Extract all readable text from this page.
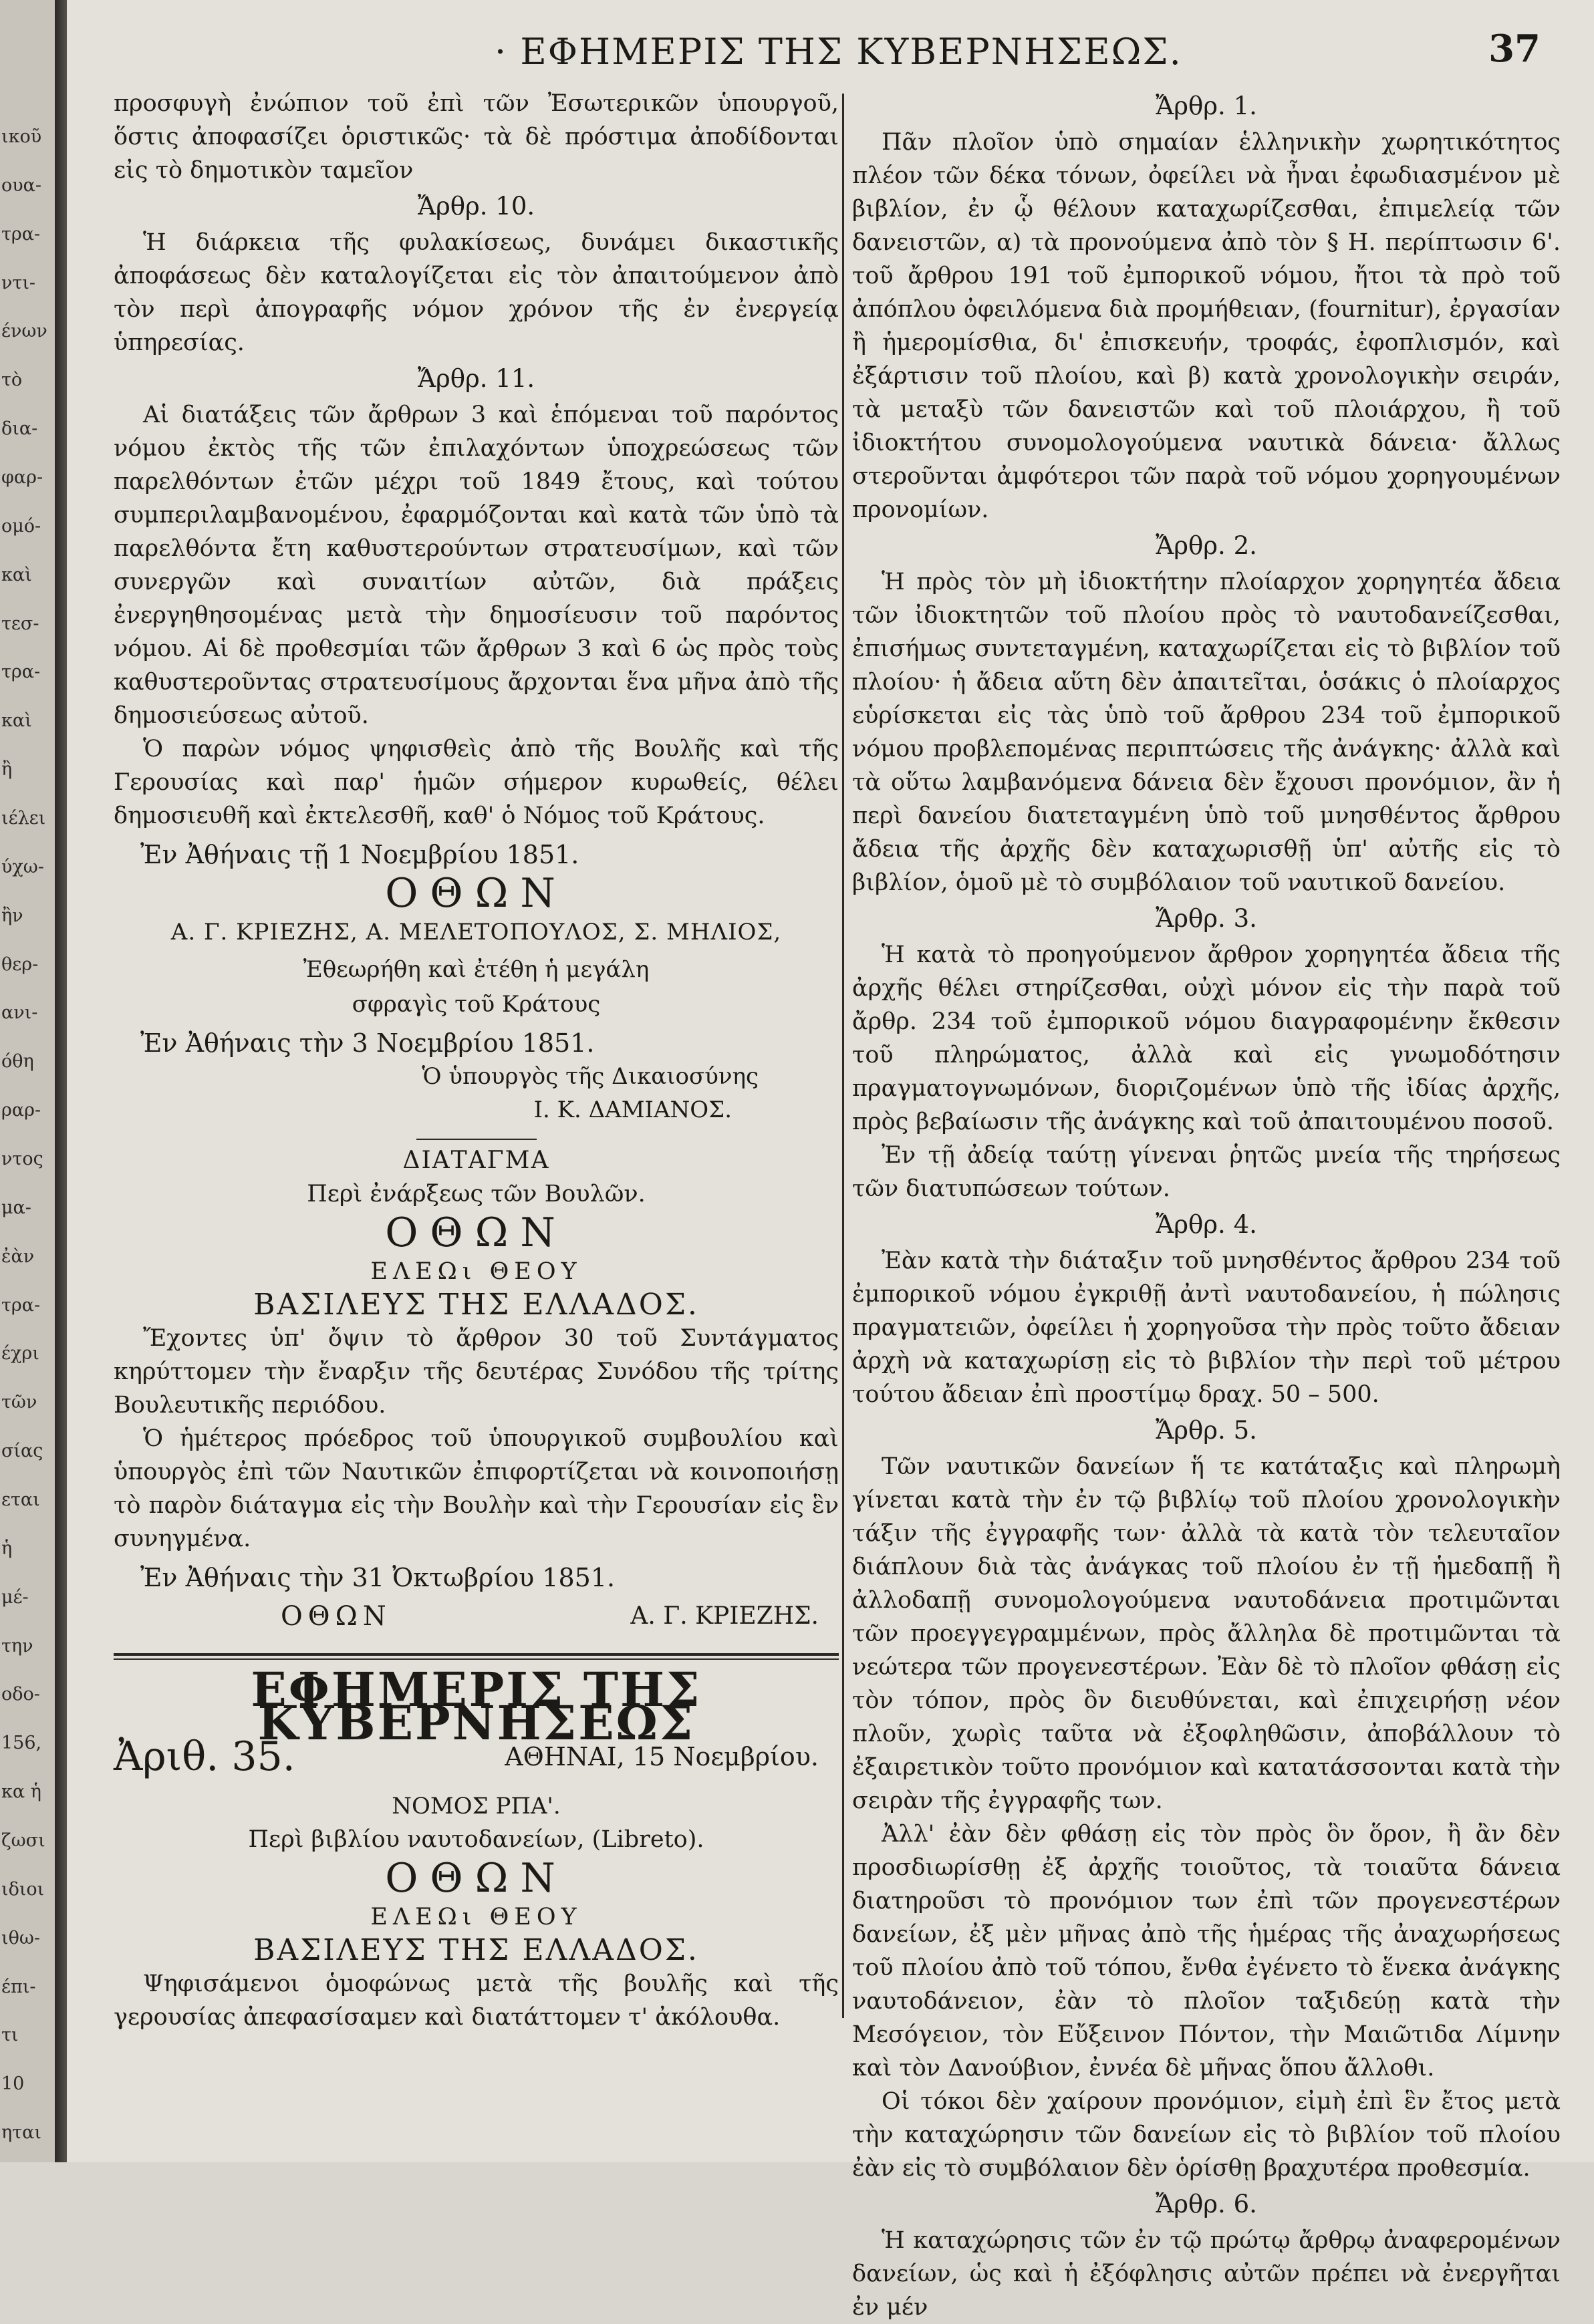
ικοῦ

ουα-

τρα-

ντι-

ένων

τὸ

δια-

φαρ-

ομό-

καὶ

τεσ-

τρα-

καὶ

ἢ

ιέλει

ύχω-

ἢν

θερ-

ανι-

όθη

ραρ-

ντος

μα-

ἐὰν

τρα-

έχρι

τῶν

σίας

εται

ἡ

μέ-

την

οδο-

156,

κα ἡ

ζωσι

ιδιοι

ιθω-

έπι-

τι

10

ηται

· ΕΦΗΜΕΡΙΣ ΤΗΣ ΚΥΒΕΡΝΗΣΕΩΣ.	37

προσφυγὴ ἐνώπιον τοῦ ἐπὶ τῶν Ἐσωτερικῶν ὑπουργοῦ, ὅστις ἀποφασίζει ὁριστικῶς· τὰ δὲ πρόστιμα ἀποδίδονται εἰς τὸ δημοτικὸν ταμεῖον

Ἄρθρ. 10.

Ἡ διάρκεια τῆς φυλακίσεως, δυνάμει δικαστικῆς ἀποφάσεως δὲν καταλογίζεται εἰς τὸν ἀπαιτούμενον ἀπὸ τὸν περὶ ἀπογραφῆς νόμον χρόνον τῆς ἐν ἐνεργείᾳ ὑπηρεσίας.

Ἄρθρ. 11.

Αἱ διατάξεις τῶν ἄρθρων 3 καὶ ἑπόμεναι τοῦ παρόντος νόμου ἐκτὸς τῆς τῶν ἐπιλαχόντων ὑποχρεώσεως τῶν παρελθόντων ἐτῶν μέχρι τοῦ 1849 ἔτους, καὶ τούτου συμπεριλαμβανομένου, ἐφαρμόζονται καὶ κατὰ τῶν ὑπὸ τὰ παρελθόντα ἔτη καθυστερούντων στρατευσίμων, καὶ τῶν συνεργῶν καὶ συναιτίων αὐτῶν, διὰ πράξεις ἐνεργηθησομένας μετὰ τὴν δημοσίευσιν τοῦ παρόντος νόμου. Αἱ δὲ προθεσμίαι τῶν ἄρθρων 3 καὶ 6 ὡς πρὸς τοὺς καθυστεροῦντας στρατευσίμους ἄρχονται ἕνα μῆνα ἀπὸ τῆς δημοσιεύσεως αὐτοῦ.

Ὁ παρὼν νόμος ψηφισθεὶς ἀπὸ τῆς Βουλῆς καὶ τῆς Γερουσίας καὶ παρ' ἡμῶν σήμερον κυρωθείς, θέλει δημοσιευθῆ καὶ ἐκτελεσθῆ, καθ' ὁ Νόμος τοῦ Κράτους.

Ἐν Ἀθήναις τῇ 1 Νοεμβρίου 1851.
ΟΘΩΝ
Α. Γ. ΚΡΙΕΖΗΣ, Α. ΜΕΛΕΤΟΠΟΥΛΟΣ, Σ. ΜΗΛΙΟΣ,
Ἐθεωρήθη καὶ ἐτέθη ἡ μεγάλη
σφραγὶς τοῦ Κράτους
Ἐν Ἀθήναις τὴν 3 Νοεμβρίου 1851.

Ὁ ὑπουργὸς τῆς Δικαιοσύνης

Ι. Κ. ΔΑΜΙΑΝΟΣ.

ΔΙΑΤΑΓΜΑ
Περὶ ἐνάρξεως τῶν Βουλῶν.
ΟΘΩΝ
ΕΛΕΩι ΘΕΟΥ
ΒΑΣΙΛΕΥΣ ΤΗΣ ΕΛΛΑΔΟΣ.

Ἔχοντες ὑπ' ὄψιν τὸ ἄρθρον 30 τοῦ Συντάγματος κηρύττομεν τὴν ἔναρξιν τῆς δευτέρας Συνόδου τῆς τρίτης Βουλευτικῆς περιόδου.

Ὁ ἡμέτερος πρόεδρος τοῦ ὑπουργικοῦ συμβουλίου καὶ ὑπουργὸς ἐπὶ τῶν Ναυτικῶν ἐπιφορτίζεται νὰ κοινοποιήσῃ τὸ παρὸν διάταγμα εἰς τὴν Βουλὴν καὶ τὴν Γερουσίαν εἰς ἓν συνηγμένα.

Ἐν Ἀθήναις τὴν 31 Ὀκτωβρίου 1851.
ΟΘΩΝ	Α. Γ. ΚΡΙΕΖΗΣ.
ΕΦΗΜΕΡΙΣ ΤΗΣ ΚΥΒΕΡΝΗΣΕΩΣ
Ἀριθ. 35.	ΑΘΗΝΑΙ, 15 Νοεμβρίου.
ΝΟΜΟΣ ΡΠΑ'.
Περὶ βιβλίου ναυτοδανείων, (Libreto).
ΟΘΩΝ
ΕΛΕΩι ΘΕΟΥ
ΒΑΣΙΛΕΥΣ ΤΗΣ ΕΛΛΑΔΟΣ.

Ψηφισάμενοι ὁμοφώνως μετὰ τῆς βουλῆς καὶ τῆς γερουσίας ἀπεφασίσαμεν καὶ διατάττομεν τ' ἀκόλουθα.

Ἄρθρ. 1.

Πᾶν πλοῖον ὑπὸ σημαίαν ἑλληνικὴν χωρητικότητος πλέον τῶν δέκα τόνων, ὀφείλει νὰ ἦναι ἐφωδιασμένον μὲ βιβλίον, ἐν ᾧ θέλουν καταχωρίζεσθαι, ἐπιμελείᾳ τῶν δανειστῶν, α) τὰ προνούμενα ἀπὸ τὸν § Η. περίπτωσιν 6'. τοῦ ἄρθρου 191 τοῦ ἐμπορικοῦ νόμου, ἤτοι τὰ πρὸ τοῦ ἀπόπλου ὀφειλόμενα διὰ προμήθειαν, (fournitur), ἐργασίαν ἢ ἡμερομίσθια, δι' ἐπισκευήν, τροφάς, ἐφοπλισμόν, καὶ ἐξάρτισιν τοῦ πλοίου, καὶ β) κατὰ χρονολογικὴν σειράν, τὰ μεταξὺ τῶν δανειστῶν καὶ τοῦ πλοιάρχου, ἢ τοῦ ἰδιοκτήτου συνομολογούμενα ναυτικὰ δάνεια· ἄλλως στεροῦνται ἀμφότεροι τῶν παρὰ τοῦ νόμου χορηγουμένων προνομίων.

Ἄρθρ. 2.

Ἡ πρὸς τὸν μὴ ἰδιοκτήτην πλοίαρχον χορηγητέα ἄδεια τῶν ἰδιοκτητῶν τοῦ πλοίου πρὸς τὸ ναυτοδανείζεσθαι, ἐπισήμως συντεταγμένη, καταχωρίζεται εἰς τὸ βιβλίον τοῦ πλοίου· ἡ ἄδεια αὕτη δὲν ἀπαιτεῖται, ὁσάκις ὁ πλοίαρχος εὑρίσκεται εἰς τὰς ὑπὸ τοῦ ἄρθρου 234 τοῦ ἐμπορικοῦ νόμου προβλεπομένας περιπτώσεις τῆς ἀνάγκης· ἀλλὰ καὶ τὰ οὕτω λαμβανόμενα δάνεια δὲν ἔχουσι προνόμιον, ἂν ἡ περὶ δανείου διατεταγμένη ὑπὸ τοῦ μνησθέντος ἄρθρου ἄδεια τῆς ἀρχῆς δὲν καταχωρισθῇ ὑπ' αὐτῆς εἰς τὸ βιβλίον, ὁμοῦ μὲ τὸ συμβόλαιον τοῦ ναυτικοῦ δανείου.

Ἄρθρ. 3.

Ἡ κατὰ τὸ προηγούμενον ἄρθρον χορηγητέα ἄδεια τῆς ἀρχῆς θέλει στηρίζεσθαι, οὐχὶ μόνον εἰς τὴν παρὰ τοῦ ἄρθρ. 234 τοῦ ἐμπορικοῦ νόμου διαγραφομένην ἔκθεσιν τοῦ πληρώματος, ἀλλὰ καὶ εἰς γνωμοδότησιν πραγματογνωμόνων, διοριζομένων ὑπὸ τῆς ἰδίας ἀρχῆς, πρὸς βεβαίωσιν τῆς ἀνάγκης καὶ τοῦ ἀπαιτουμένου ποσοῦ.

Ἐν τῇ ἀδείᾳ ταύτῃ γίνεναι ῥητῶς μνεία τῆς τηρήσεως τῶν διατυπώσεων τούτων.

Ἄρθρ. 4.

Ἐὰν κατὰ τὴν διάταξιν τοῦ μνησθέντος ἄρθρου 234 τοῦ ἐμπορικοῦ νόμου ἐγκριθῇ ἀντὶ ναυτοδανείου, ἡ πώλησις πραγματειῶν, ὀφείλει ἡ χορηγοῦσα τὴν πρὸς τοῦτο ἄδειαν ἀρχὴ νὰ καταχωρίσῃ εἰς τὸ βιβλίον τὴν περὶ τοῦ μέτρου τούτου ἄδειαν ἐπὶ προστίμῳ δραχ. 50 – 500.

Ἄρθρ. 5.

Τῶν ναυτικῶν δανείων ἥ τε κατάταξις καὶ πληρωμὴ γίνεται κατὰ τὴν ἐν τῷ βιβλίῳ τοῦ πλοίου χρονολογικὴν τάξιν τῆς ἐγγραφῆς των· ἀλλὰ τὰ κατὰ τὸν τελευταῖον διάπλουν διὰ τὰς ἀνάγκας τοῦ πλοίου ἐν τῇ ἡμεδαπῇ ἢ ἀλλοδαπῇ συνομολογούμενα ναυτοδάνεια προτιμῶνται τῶν προεγγεγραμμένων, πρὸς ἄλληλα δὲ προτιμῶνται τὰ νεώτερα τῶν προγενεστέρων. Ἐὰν δὲ τὸ πλοῖον φθάσῃ εἰς τὸν τόπον, πρὸς ὃν διευθύνεται, καὶ ἐπιχειρήσῃ νέον πλοῦν, χωρὶς ταῦτα νὰ ἐξοφληθῶσιν, ἀποβάλλουν τὸ ἐξαιρετικὸν τοῦτο προνόμιον καὶ κατατάσσονται κατὰ τὴν σειρὰν τῆς ἐγγραφῆς των.

Ἀλλ' ἐὰν δὲν φθάσῃ εἰς τὸν πρὸς ὃν ὅρον, ἢ ἂν δὲν προσδιωρίσθῃ ἐξ ἀρχῆς τοιοῦτος, τὰ τοιαῦτα δάνεια διατηροῦσι τὸ προνόμιον των ἐπὶ τῶν προγενεστέρων δανείων, ἐξ μὲν μῆνας ἀπὸ τῆς ἡμέρας τῆς ἀναχωρήσεως τοῦ πλοίου ἀπὸ τοῦ τόπου, ἔνθα ἐγένετο τὸ ἕνεκα ἀνάγκης ναυτοδάνειον, ἐὰν τὸ πλοῖον ταξιδεύῃ κατὰ τὴν Μεσόγειον, τὸν Εὔξεινον Πόντον, τὴν Μαιῶτιδα Λίμνην καὶ τὸν Δανούβιον, ἐννέα δὲ μῆνας ὅπου ἄλλοθι.

Οἱ τόκοι δὲν χαίρουν προνόμιον, εἰμὴ ἐπὶ ἓν ἔτος μετὰ τὴν καταχώρησιν τῶν δανείων εἰς τὸ βιβλίον τοῦ πλοίου ἐὰν εἰς τὸ συμβόλαιον δὲν ὁρίσθῃ βραχυτέρα προθεσμία.

Ἄρθρ. 6.

Ἡ καταχώρησις τῶν ἐν τῷ πρώτῳ ἄρθρῳ ἀναφερομένων δανείων, ὡς καὶ ἡ ἐξόφλησις αὐτῶν πρέπει νὰ ἐνεργῆται ἐν μέν
